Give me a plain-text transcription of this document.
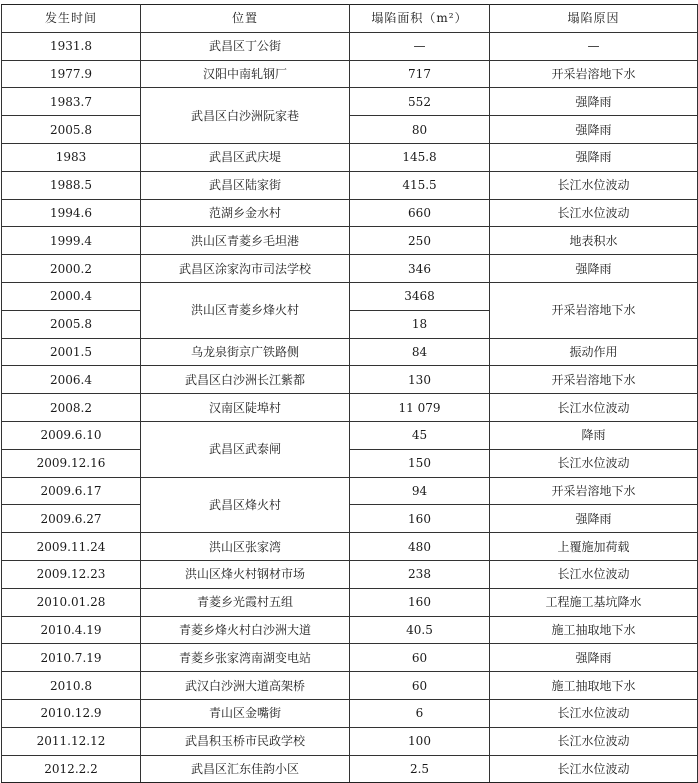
发生时间	位置	塌陷面积（m²）	塌陷原因
1931.8	武昌区丁公街	—	—
1977.9	汉阳中南轧钢厂	717	开采岩溶地下水
1983.7	武昌区白沙洲阮家巷	552	强降雨
2005.8		80	强降雨
1983	武昌区武庆堤	145.8	强降雨
1988.5	武昌区陆家街	415.5	长江水位波动
1994.6	范湖乡金水村	660	长江水位波动
1999.4	洪山区青菱乡毛坦港	250	地表积水
2000.2	武昌区涂家沟市司法学校	346	强降雨
2000.4	洪山区青菱乡烽火村	3468	开采岩溶地下水
2005.8		18	
2001.5	乌龙泉街京广铁路侧	84	振动作用
2006.4	武昌区白沙洲长江紫都	130	开采岩溶地下水
2008.2	汉南区陡埠村	11 079	长江水位波动
2009.6.10	武昌区武泰闸	45	降雨
2009.12.16		150	长江水位波动
2009.6.17	武昌区烽火村	94	开采岩溶地下水
2009.6.27		160	强降雨
2009.11.24	洪山区张家湾	480	上覆施加荷载
2009.12.23	洪山区烽火村钢材市场	238	长江水位波动
2010.01.28	青菱乡光霞村五组	160	工程施工基坑降水
2010.4.19	青菱乡烽火村白沙洲大道	40.5	施工抽取地下水
2010.7.19	青菱乡张家湾南湖变电站	60	强降雨
2010.8	武汉白沙洲大道高架桥	60	施工抽取地下水
2010.12.9	青山区金嘴街	6	长江水位波动
2011.12.12	武昌积玉桥市民政学校	100	长江水位波动
2012.2.2	武昌区汇东佳韵小区	2.5	长江水位波动
